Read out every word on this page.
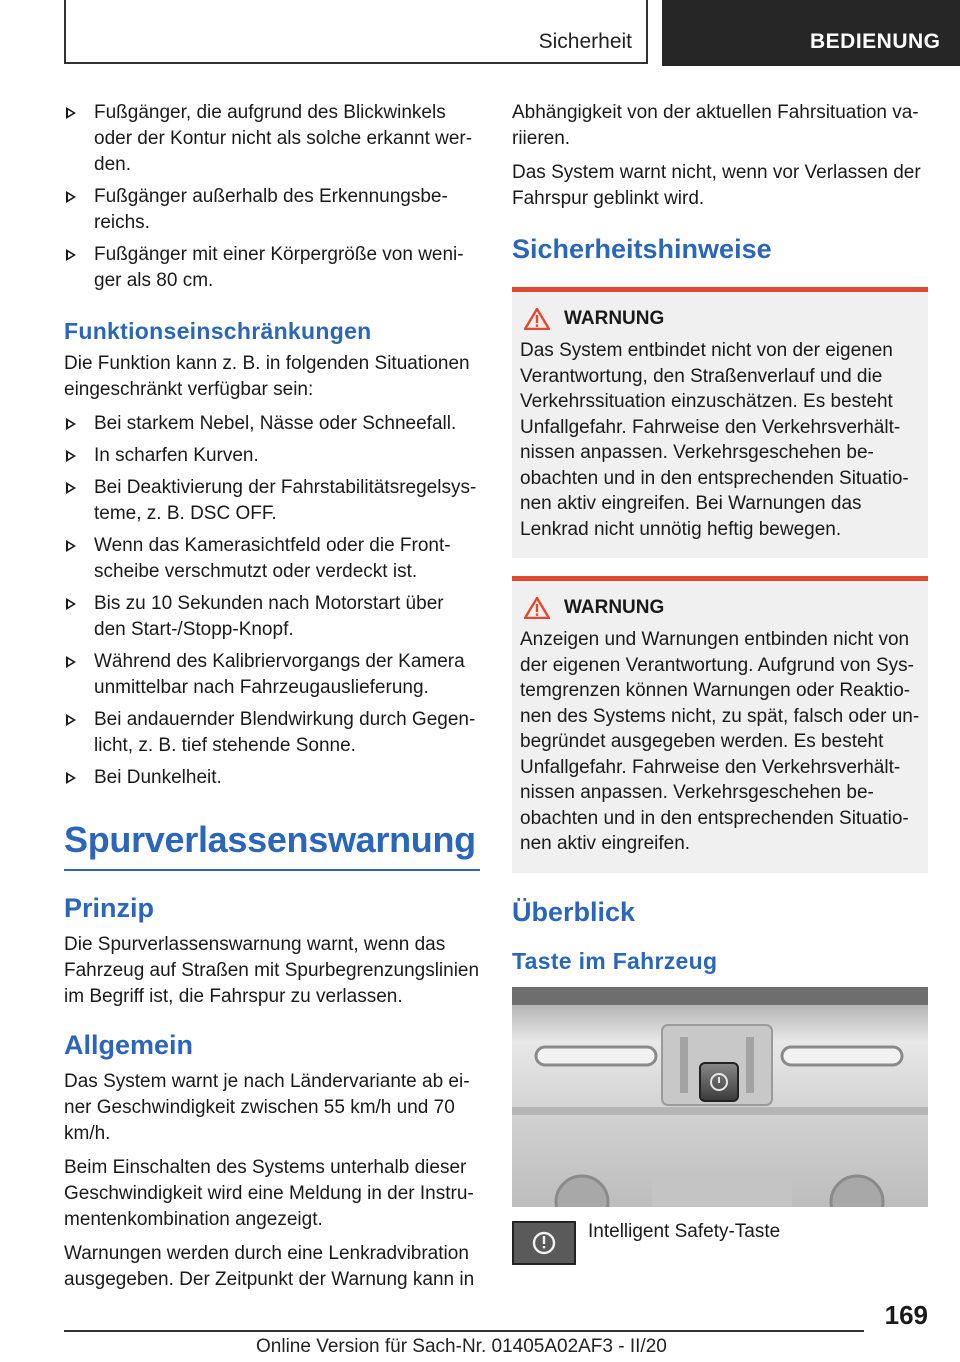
Sicherheit	BEDIENUNG
Fußgänger, die aufgrund des Blickwinkels oder der Kontur nicht als solche erkannt wer‐den.
Fußgänger außerhalb des Erkennungsbe‐reichs.
Fußgänger mit einer Körpergröße von weni‐ger als 80 cm.
Funktionseinschränkungen

Die Funktion kann z. B. in folgenden Situationen eingeschränkt verfügbar sein:

Bei starkem Nebel, Nässe oder Schneefall.
In scharfen Kurven.
Bei Deaktivierung der Fahrstabilitätsregelsys‐teme, z. B. DSC OFF.
Wenn das Kamerasichtfeld oder die Front‐scheibe verschmutzt oder verdeckt ist.
Bis zu 10 Sekunden nach Motorstart über den Start-/Stopp-Knopf.
Während des Kalibriervorgangs der Kamera unmittelbar nach Fahrzeugauslieferung.
Bei andauernder Blendwirkung durch Gegen‐licht, z. B. tief stehende Sonne.
Bei Dunkelheit.
Spurverlassenswarnung
Prinzip

Die Spurverlassenswarnung warnt, wenn das Fahrzeug auf Straßen mit Spurbegrenzungslinien im Begriff ist, die Fahrspur zu verlassen.

Allgemein

Das System warnt je nach Ländervariante ab ei‐ner Geschwindigkeit zwischen 55 km/h und 70 km/h.

Beim Einschalten des Systems unterhalb dieser Geschwindigkeit wird eine Meldung in der Instru‐mentenkombination angezeigt.

Warnungen werden durch eine Lenkradvibration ausgegeben. Der Zeitpunkt der Warnung kann in

Abhängigkeit von der aktuellen Fahrsituation va‐riieren.

Das System warnt nicht, wenn vor Verlassen der Fahrspur geblinkt wird.

Sicherheitshinweise
WARNUNG

Das System entbindet nicht von der eigenen Verantwortung, den Straßenverlauf und die Verkehrssituation einzuschätzen. Es besteht Unfallgefahr. Fahrweise den Verkehrsverhält‐nissen anpassen. Verkehrsgeschehen be‐obachten und in den entsprechenden Situatio‐nen aktiv eingreifen. Bei Warnungen das Lenkrad nicht unnötig heftig bewegen.

WARNUNG

Anzeigen und Warnungen entbinden nicht von der eigenen Verantwortung. Aufgrund von Sys‐temgrenzen können Warnungen oder Reaktio‐nen des Systems nicht, zu spät, falsch oder un‐begründet ausgegeben werden. Es besteht Unfallgefahr. Fahrweise den Verkehrsverhält‐nissen anpassen. Verkehrsgeschehen be‐obachten und in den entsprechenden Situatio‐nen aktiv eingreifen.

Überblick
Taste im Fahrzeug
Intelligent Safety-Taste
169
Online Version für Sach-Nr. 01405A02AF3 - II/20
